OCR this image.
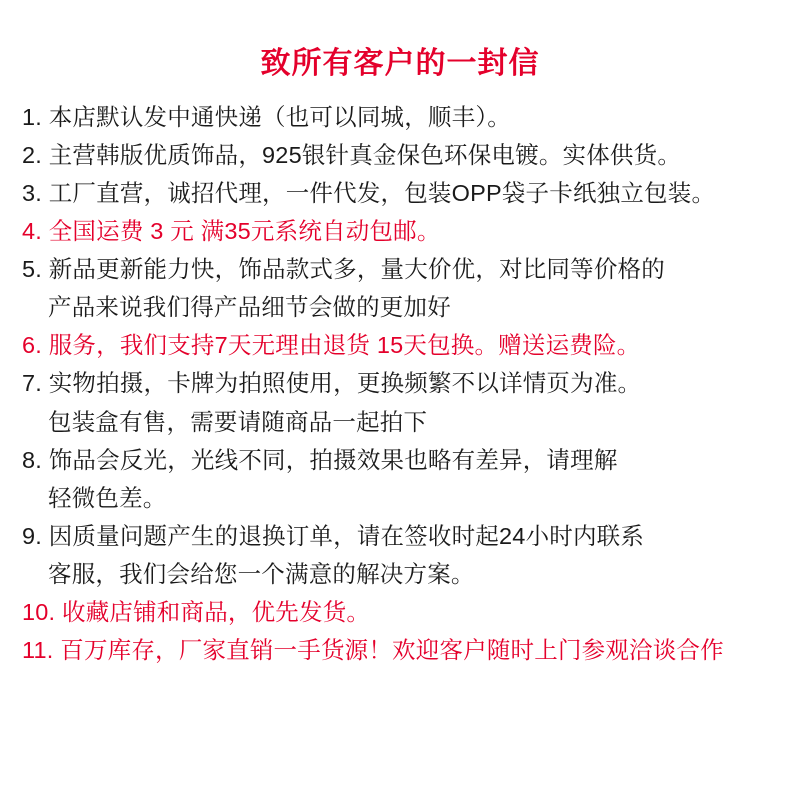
致所有客户的一封信
1. 本店默认发中通快递（也可以同城，顺丰）。
2. 主营韩版优质饰品，925银针真金保色环保电镀。实体供货。
3. 工厂直营，诚招代理，一件代发，包装OPP袋子卡纸独立包装。
4. 全国运费 3 元 满35元系统自动包邮。
5. 新品更新能力快，饰品款式多，量大价优，对比同等价格的
产品来说我们得产品细节会做的更加好
6. 服务，我们支持7天无理由退货 15天包换。赠送运费险。
7. 实物拍摄，卡牌为拍照使用，更换频繁不以详情页为准。
包装盒有售，需要请随商品一起拍下
8. 饰品会反光，光线不同，拍摄效果也略有差异，请理解
轻微色差。
9. 因质量问题产生的退换订单，请在签收时起24小时内联系
客服，我们会给您一个满意的解决方案。
10. 收藏店铺和商品，优先发货。
11. 百万库存，厂家直销一手货源！欢迎客户随时上门参观洽谈合作
